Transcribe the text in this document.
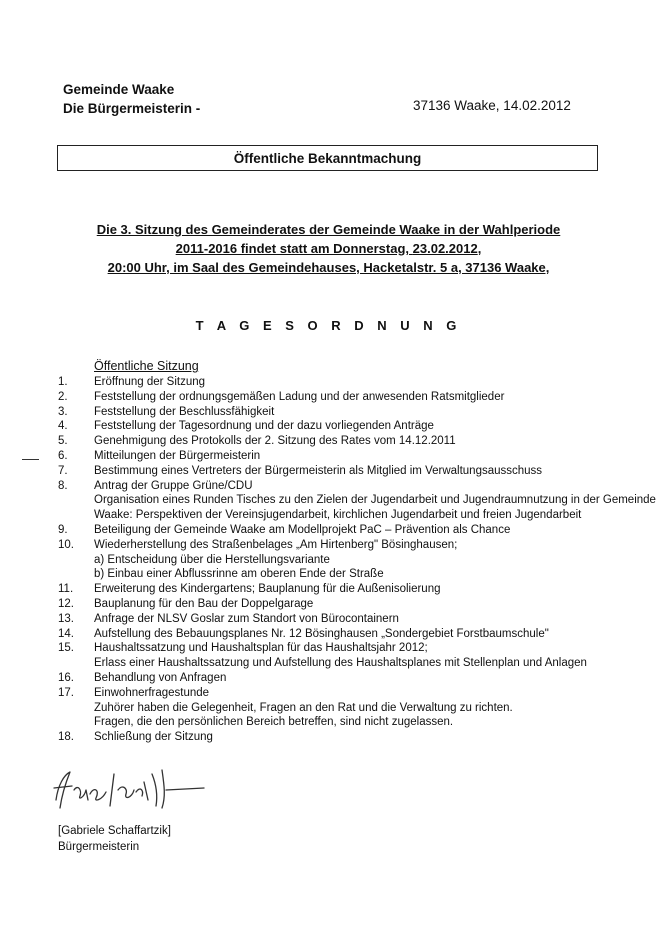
Gemeinde Waake
Die Bürgermeisterin -	37136 Waake, 14.02.2012
Öffentliche Bekanntmachung
Die 3. Sitzung des Gemeinderates der Gemeinde Waake in der Wahlperiode
2011-2016 findet statt am Donnerstag, 23.02.2012,
20:00 Uhr, im Saal des Gemeindehauses, Hacketalstr. 5 a, 37136 Waake,
T A G E S O R D N U N G
Öffentliche Sitzung
1. Eröffnung der Sitzung
2. Feststellung der ordnungsgemäßen Ladung und der anwesenden Ratsmitglieder
3. Feststellung der Beschlussfähigkeit
4. Feststellung der Tagesordnung und der dazu vorliegenden Anträge
5. Genehmigung des Protokolls der 2. Sitzung des Rates vom 14.12.2011
6. Mitteilungen der Bürgermeisterin
7. Bestimmung eines Vertreters der Bürgermeisterin als Mitglied im Verwaltungsausschuss
8. Antrag der Gruppe Grüne/CDU
Organisation eines Runden Tisches zu den Zielen der Jugendarbeit und Jugendraumnutzung in der Gemeinde
Waake: Perspektiven der Vereinsjugendarbeit, kirchlichen Jugendarbeit und freien Jugendarbeit
9. Beteiligung der Gemeinde Waake am Modellprojekt PaC – Prävention als Chance
10. Wiederherstellung des Straßenbelages „Am Hirtenberg" Bösinghausen;
a) Entscheidung über die Herstellungsvariante
b) Einbau einer Abflussrinne am oberen Ende der Straße
11. Erweiterung des Kindergartens; Bauplanung für die Außenisolierung
12. Bauplanung für den Bau der Doppelgarage
13. Anfrage der NLSV Goslar zum Standort von Bürocontainern
14. Aufstellung des Bebauungsplanes Nr. 12 Bösinghausen „Sondergebiet Forstbaumschule"
15. Haushaltssatzung und Haushaltsplan für das Haushaltsjahr 2012;
Erlass einer Haushaltssatzung und Aufstellung des Haushaltsplanes mit Stellenplan und Anlagen
16. Behandlung von Anfragen
17. Einwohnerfragestunde
Zuhörer haben die Gelegenheit, Fragen an den Rat und die Verwaltung zu richten.
Fragen, die den persönlichen Bereich betreffen, sind nicht zugelassen.
18. Schließung der Sitzung
[Gabriele Schaffartzik]
Bürgermeisterin
